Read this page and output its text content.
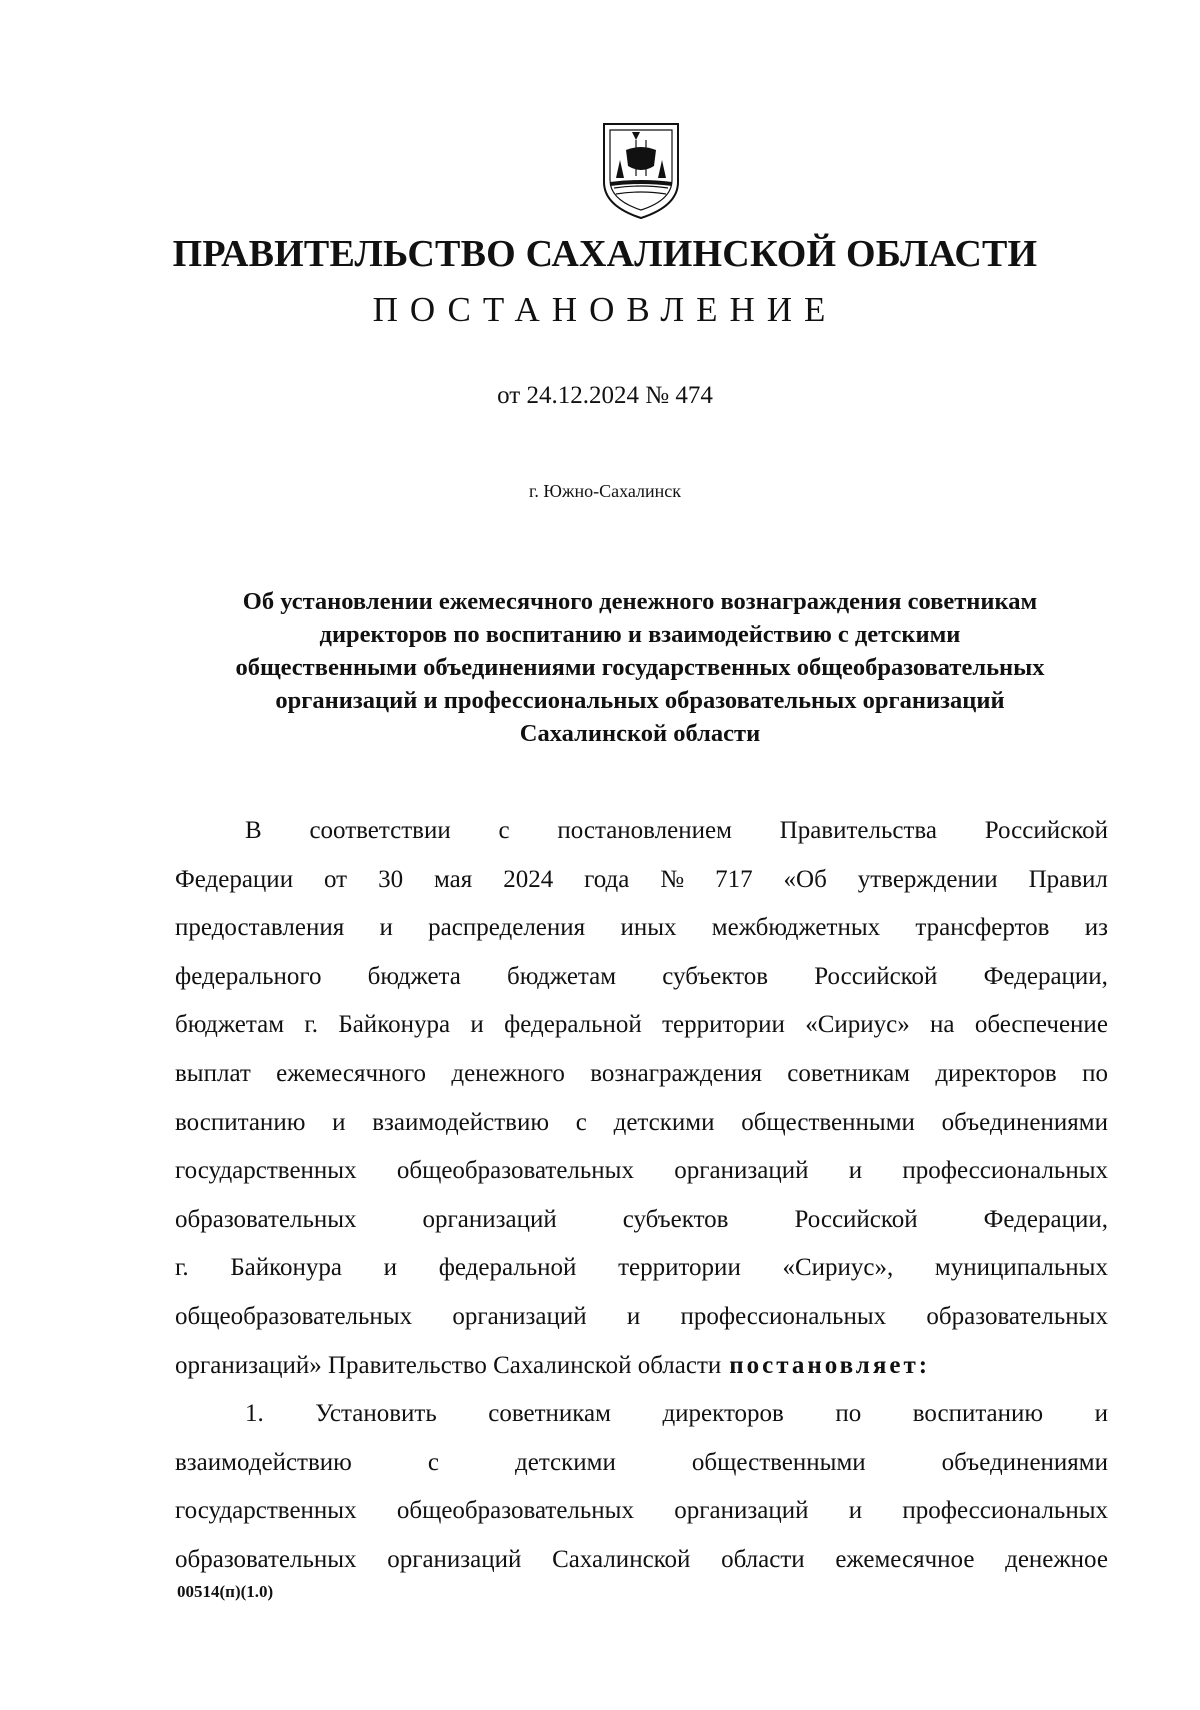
ПРАВИТЕЛЬСТВО САХАЛИНСКОЙ ОБЛАСТИ
ПОСТАНОВЛЕНИЕ
от 24.12.2024 № 474
г. Южно-Сахалинск
Об установлении ежемесячного денежного вознаграждения советникам
директоров по воспитанию и взаимодействию с детскими
общественными объединениями государственных общеобразовательных
организаций и профессиональных образовательных организаций
Сахалинской области
В соответствии с постановлением Правительства Российской
Федерации от 30 мая 2024 года № 717 «Об утверждении Правил
предоставления и распределения иных межбюджетных трансфертов из
федерального бюджета бюджетам субъектов Российской Федерации,
бюджетам г. Байконура и федеральной территории «Сириус» на обеспечение
выплат ежемесячного денежного вознаграждения советникам директоров по
воспитанию и взаимодействию с детскими общественными объединениями
государственных общеобразовательных организаций и профессиональных
образовательных	организаций	субъектов	Российской	Федерации,
г. Байконура и федеральной территории «Сириус», муниципальных
общеобразовательных организаций и профессиональных образовательных
организаций» Правительство Сахалинской области постановляет:
1. Установить советникам директоров по воспитанию и
взаимодействию	с	детскими	общественными	объединениями
государственных общеобразовательных организаций и профессиональных
образовательных организаций Сахалинской области ежемесячное денежное
00514(п)(1.0)
